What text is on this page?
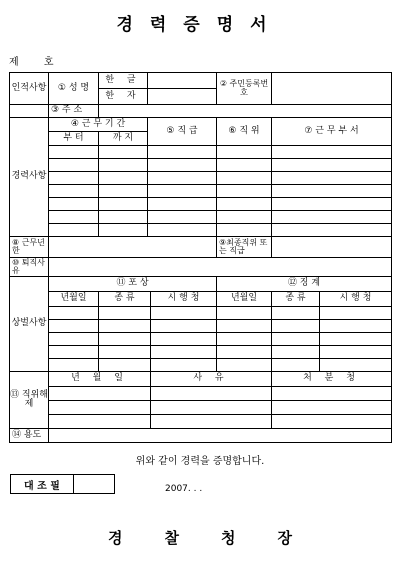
경력증명서
제 호
인적사항	① 성 명	한 글			② 주민등록번호		
		한 자					
	③ 주 소						
경력사항	④ 근 무 기 간		⑤ 직 급		⑥ 직 위	⑦ 근 무 부 서	
	부 터	까 지					

⑧ 근무년한					⑨최종직위 또는 직급		
⑩ 퇴직사유							
상벌사항	⑪ 포 상				⑫ 징 계		
	년월일	종 류		시 행 청	년월일	종 류	시 행 청

⑬ 직위해제	년 월 일			사 유		처 분 청	

⑭ 용도							
위와 같이 경력을 증명합니다.
대 조 필	2007. . .
경찰청장
